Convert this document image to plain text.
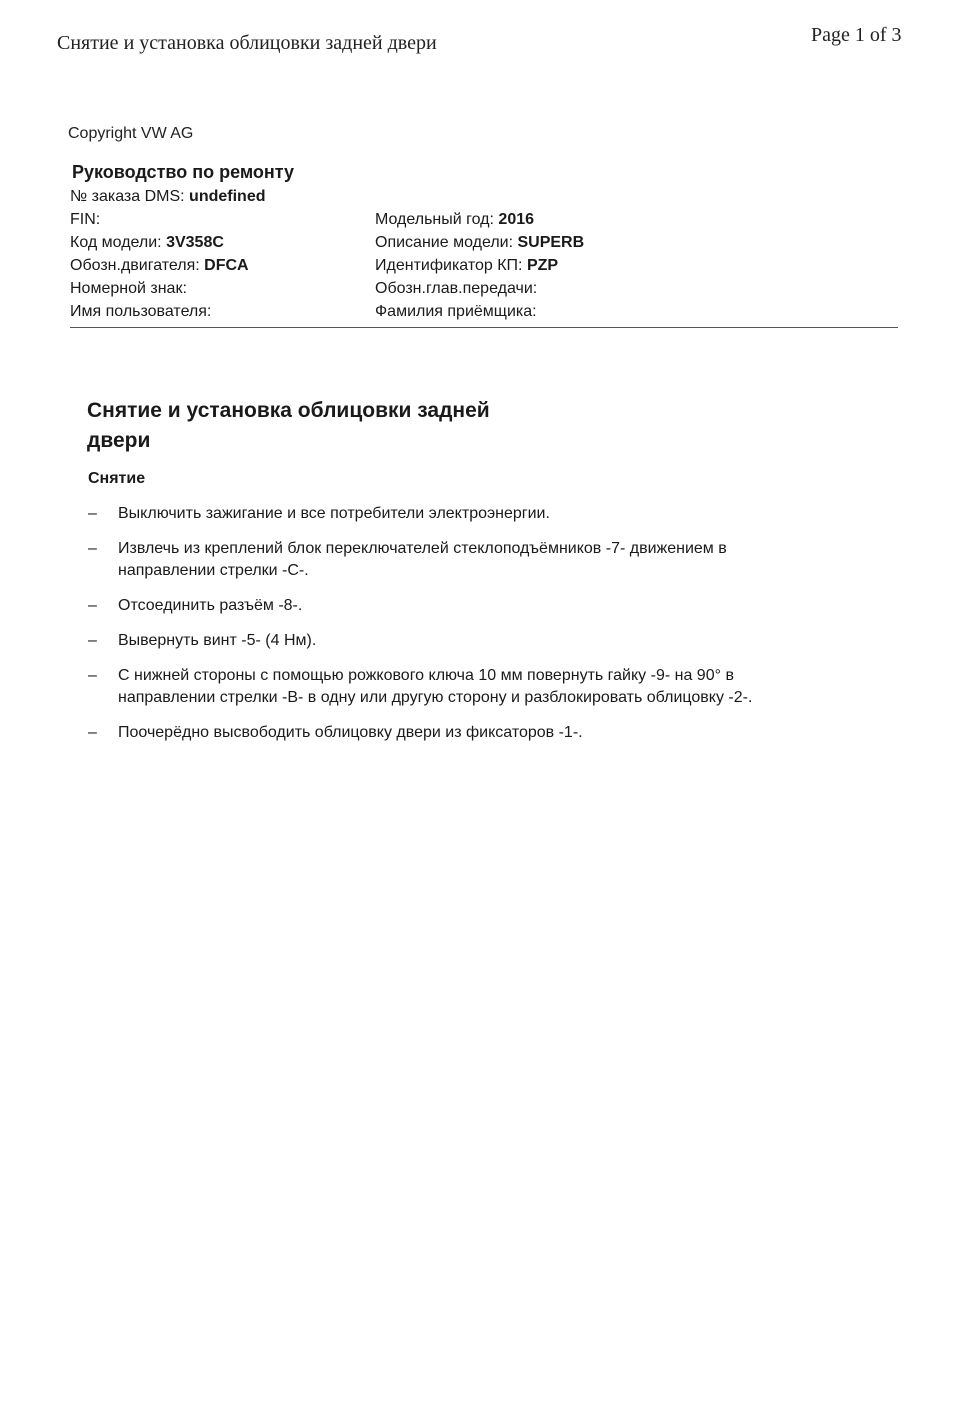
Снятие и установка облицовки задней двери	Page 1 of 3
Copyright VW AG
Руководство по ремонту
№ заказа DMS: undefined
FIN:	Модельный год: 2016
Код модели: 3V358C	Описание модели: SUPERB
Обозн.двигателя: DFCA	Идентификатор КП: PZP
Номерной знак:	Обозн.глав.передачи:
Имя пользователя:	Фамилия приёмщика:
Снятие и установка облицовки задней двери
Снятие
–	Выключить зажигание и все потребители электроэнергии.
–	Извлечь из креплений блок переключателей стеклоподъёмников -7- движением в направлении стрелки -С-.
–	Отсоединить разъём -8-.
–	Вывернуть винт -5- (4 Нм).
–	С нижней стороны с помощью рожкового ключа 10 мм повернуть гайку -9- на 90° в направлении стрелки -В- в одну или другую сторону и разблокировать облицовку -2-.
–	Поочерёдно высвободить облицовку двери из фиксаторов -1-.
